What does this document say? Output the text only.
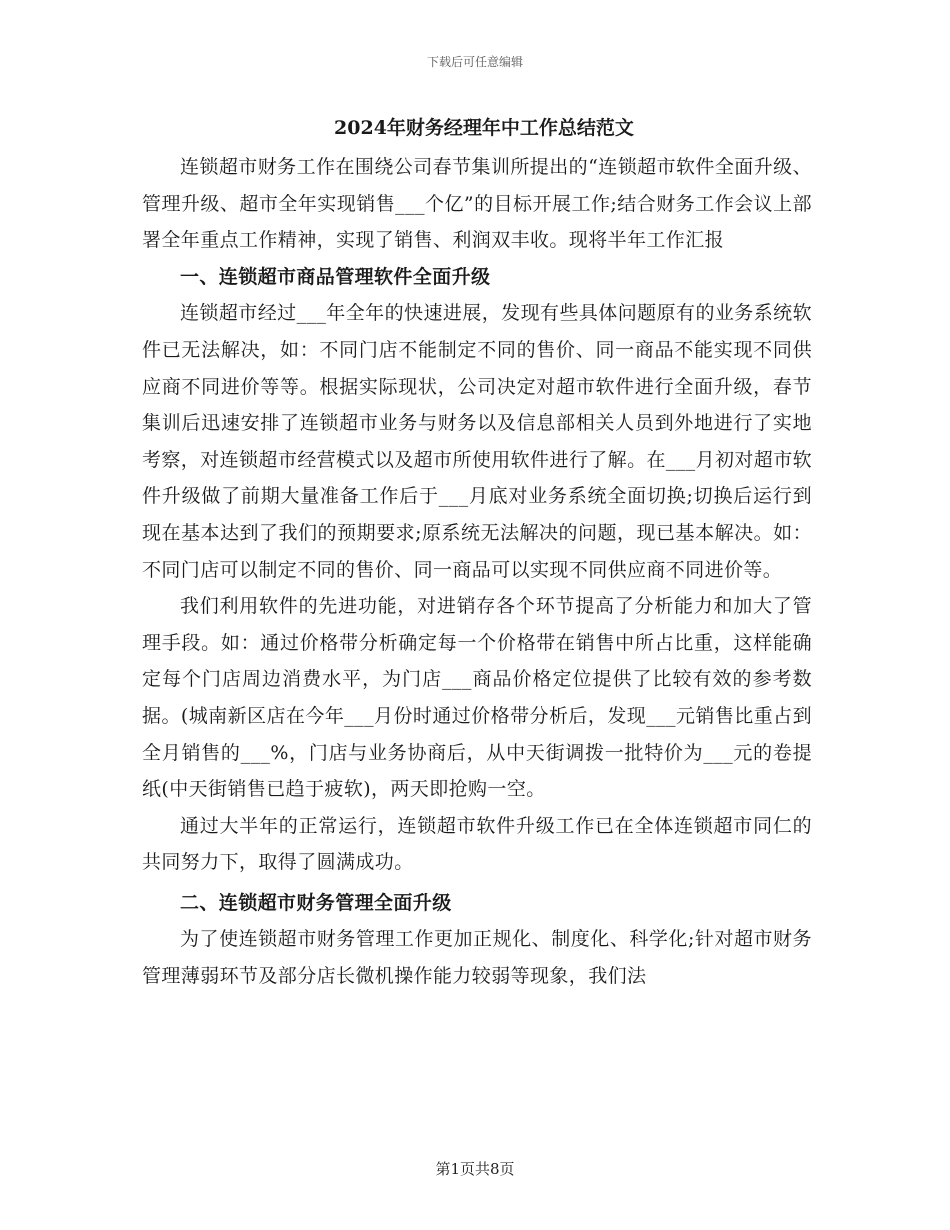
下载后可任意编辑
2024年财务经理年中工作总结范文

连锁超市财务工作在围绕公司春节集训所提出的“连锁超市软件全面升级、管理升级、超市全年实现销售___个亿”的目标开展工作;结合财务工作会议上部署全年重点工作精神，实现了销售、利润双丰收。现将半年工作汇报

一、连锁超市商品管理软件全面升级

连锁超市经过___年全年的快速进展，发现有些具体问题原有的业务系统软件已无法解决，如：不同门店不能制定不同的售价、同一商品不能实现不同供应商不同进价等等。根据实际现状，公司决定对超市软件进行全面升级，春节集训后迅速安排了连锁超市业务与财务以及信息部相关人员到外地进行了实地考察，对连锁超市经营模式以及超市所使用软件进行了解。在___月初对超市软件升级做了前期大量准备工作后于___月底对业务系统全面切换;切换后运行到现在基本达到了我们的预期要求;原系统无法解决的问题，现已基本解决。如：不同门店可以制定不同的售价、同一商品可以实现不同供应商不同进价等。

我们利用软件的先进功能，对进销存各个环节提高了分析能力和加大了管理手段。如：通过价格带分析确定每一个价格带在销售中所占比重，这样能确定每个门店周边消费水平，为门店___商品价格定位提供了比较有效的参考数据。(城南新区店在今年___月份时通过价格带分析后，发现___元销售比重占到全月销售的___%，门店与业务协商后，从中天街调拨一批特价为___元的卷提纸(中天街销售已趋于疲软)，两天即抢购一空。

通过大半年的正常运行，连锁超市软件升级工作已在全体连锁超市同仁的共同努力下，取得了圆满成功。

二、连锁超市财务管理全面升级

为了使连锁超市财务管理工作更加正规化、制度化、科学化;针对超市财务管理薄弱环节及部分店长微机操作能力较弱等现象，我们法

第1页共8页
